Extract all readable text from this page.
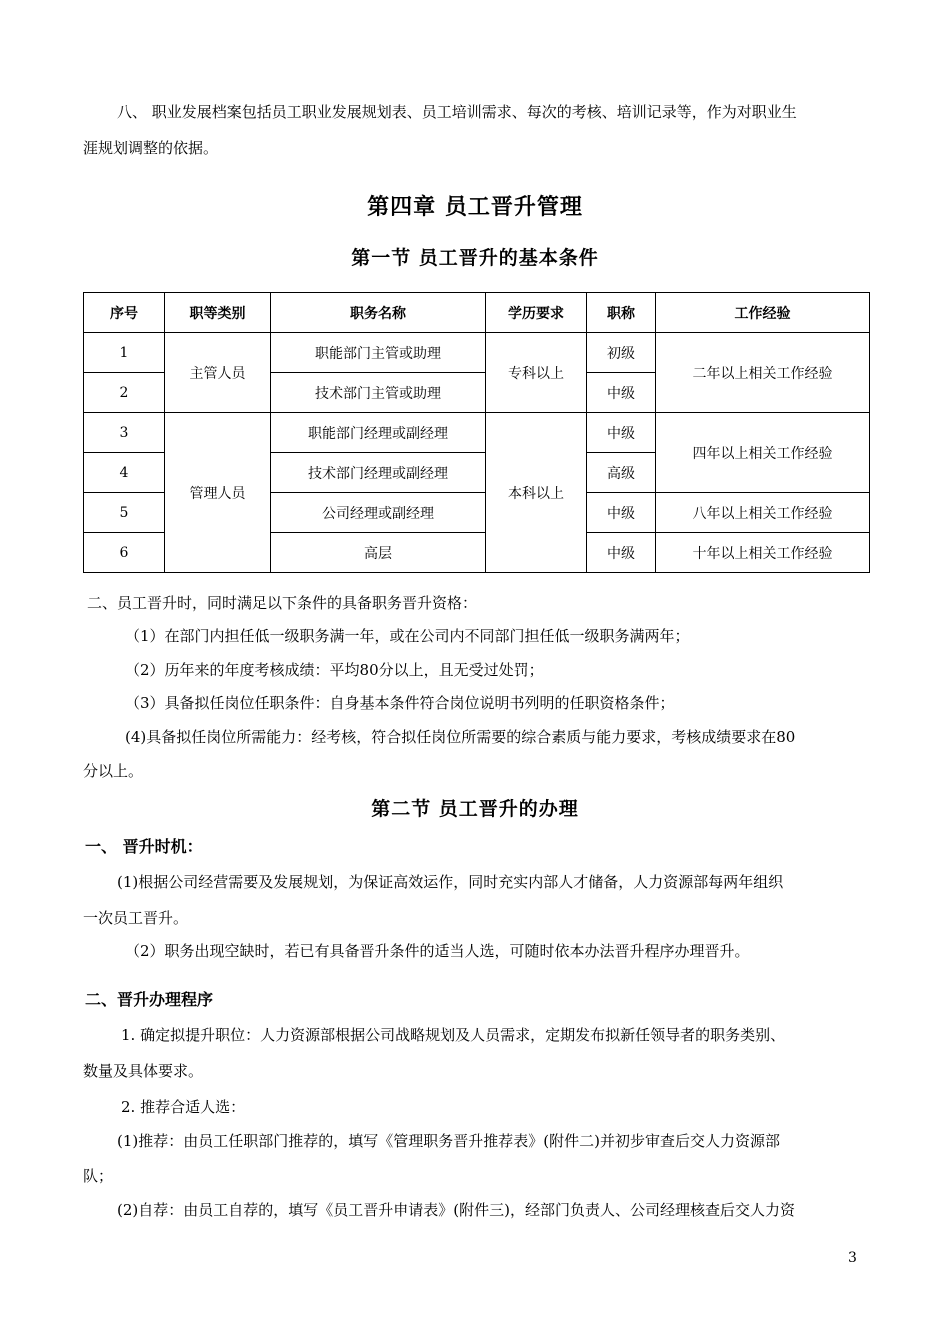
八、 职业发展档案包括员工职业发展规划表、员工培训需求、每次的考核、培训记录等，作为对职业生
涯规划调整的依据。
第四章 员工晋升管理
第一节 员工晋升的基本条件
序号	职等类别	职务名称	学历要求	职称	工作经验
1	主管人员	职能部门主管或助理	专科以上	初级	二年以上相关工作经验
2		技术部门主管或助理		中级	
3	管理人员	职能部门经理或副经理	本科以上	中级	四年以上相关工作经验
4		技术部门经理或副经理		高级	
5		公司经理或副经理		中级	八年以上相关工作经验
6		高层		中级	十年以上相关工作经验
二、员工晋升时，同时满足以下条件的具备职务晋升资格：
（1）在部门内担任低一级职务满一年，或在公司内不同部门担任低一级职务满两年；
（2）历年来的年度考核成绩：平均80分以上，且无受过处罚；
（3）具备拟任岗位任职条件：自身基本条件符合岗位说明书列明的任职资格条件；
(4)具备拟任岗位所需能力：经考核，符合拟任岗位所需要的综合素质与能力要求，考核成绩要求在80
分以上。
第二节 员工晋升的办理
一、 晋升时机：
(1)根据公司经营需要及发展规划，为保证高效运作，同时充实内部人才储备，人力资源部每两年组织
一次员工晋升。
（2）职务出现空缺时，若已有具备晋升条件的适当人选，可随时依本办法晋升程序办理晋升。
二、晋升办理程序
1. 确定拟提升职位：人力资源部根据公司战略规划及人员需求，定期发布拟新任领导者的职务类别、
数量及具体要求。
2. 推荐合适人选：
(1)推荐：由员工任职部门推荐的，填写《管理职务晋升推荐表》(附件二)并初步审查后交人力资源部
队；
(2)自荐：由员工自荐的，填写《员工晋升申请表》(附件三)，经部门负责人、公司经理核查后交人力资
3
